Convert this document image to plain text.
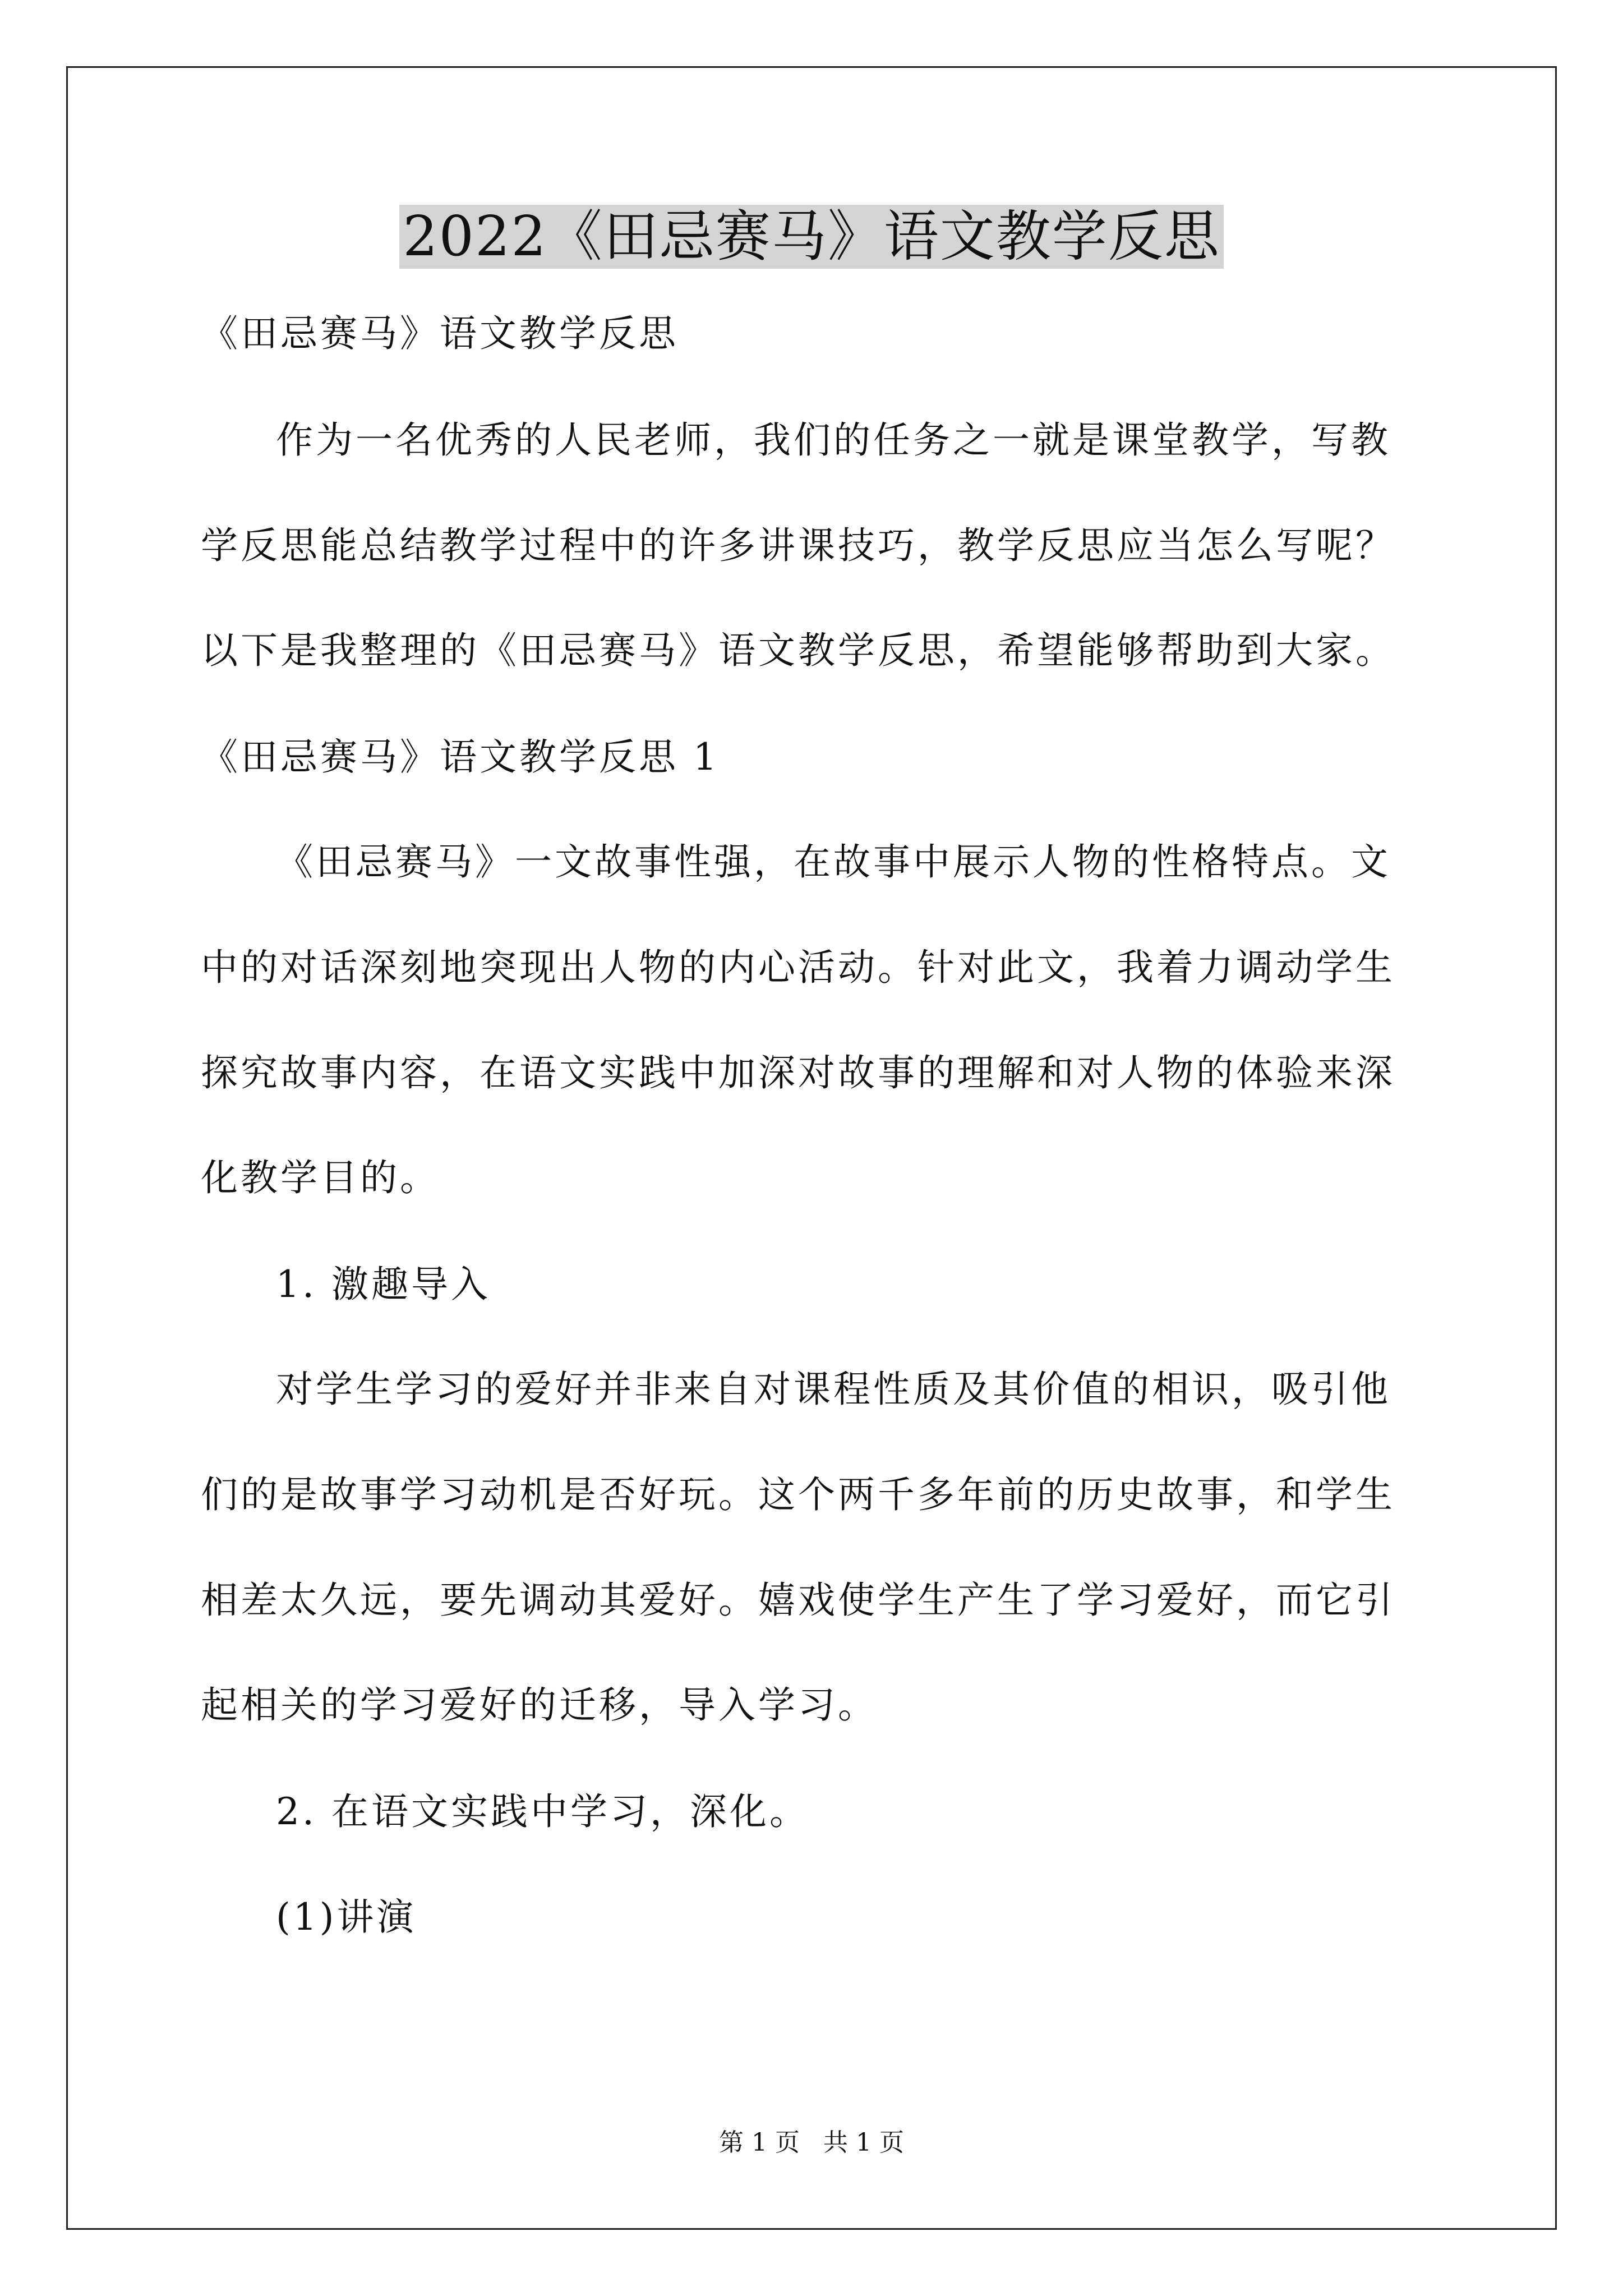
2022《田忌赛马》语文教学反思
《田忌赛马》语文教学反思
作为一名优秀的人民老师，我们的任务之一就是课堂教学，写教
学反思能总结教学过程中的许多讲课技巧，教学反思应当怎么写呢？
以下是我整理的《田忌赛马》语文教学反思，希望能够帮助到大家。
《田忌赛马》语文教学反思 1
《田忌赛马》一文故事性强，在故事中展示人物的性格特点。文
中的对话深刻地突现出人物的内心活动。针对此文，我着力调动学生
探究故事内容，在语文实践中加深对故事的理解和对人物的体验来深
化教学目的。
1. 激趣导入
对学生学习的爱好并非来自对课程性质及其价值的相识，吸引他
们的是故事学习动机是否好玩。这个两千多年前的历史故事，和学生
相差太久远，要先调动其爱好。嬉戏使学生产生了学习爱好，而它引
起相关的学习爱好的迁移，导入学习。
2. 在语文实践中学习，深化。
(1)讲演
第 1 页   共 1 页
